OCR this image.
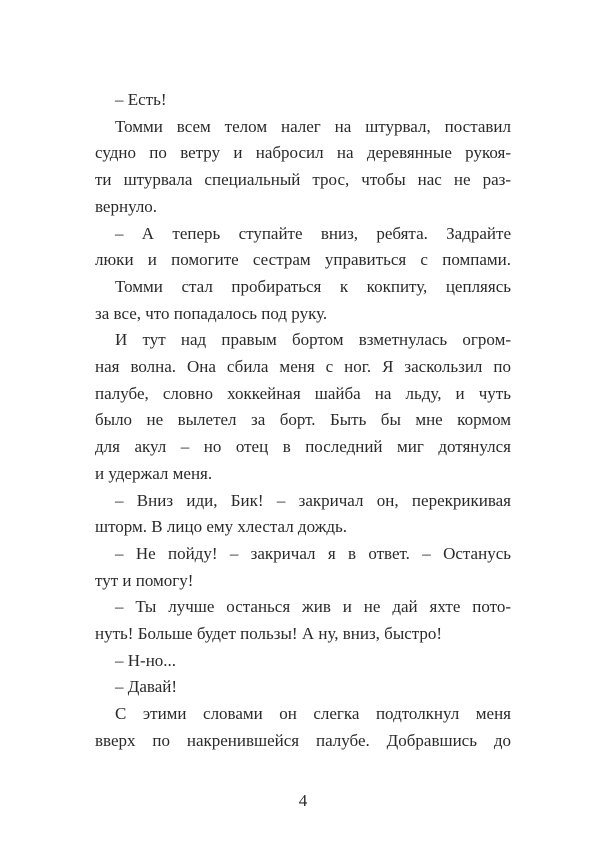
– Есть!
Томми всем телом налег на штурвал, поставил
судно по ветру и набросил на деревянные рукоя-
ти штурвала специальный трос, чтобы нас не раз-
вернуло.
– А теперь ступайте вниз, ребята. Задрайте
люки и помогите сестрам управиться с помпами.
Томми стал пробираться к кокпиту, цепляясь
за все, что попадалось под руку.
И тут над правым бортом взметнулась огром-
ная волна. Она сбила меня с ног. Я заскользил по
палубе, словно хоккейная шайба на льду, и чуть
было не вылетел за борт. Быть бы мне кормом
для акул – но отец в последний миг дотянулся
и удержал меня.
– Вниз иди, Бик! – закричал он, перекрикивая
шторм. В лицо ему хлестал дождь.
– Не пойду! – закричал я в ответ. – Останусь
тут и помогу!
– Ты лучше останься жив и не дай яхте пото-
нуть! Больше будет пользы! А ну, вниз, быстро!
– Н-но...
– Давай!
С этими словами он слегка подтолкнул меня
вверх по накренившейся палубе. Добравшись до
4
